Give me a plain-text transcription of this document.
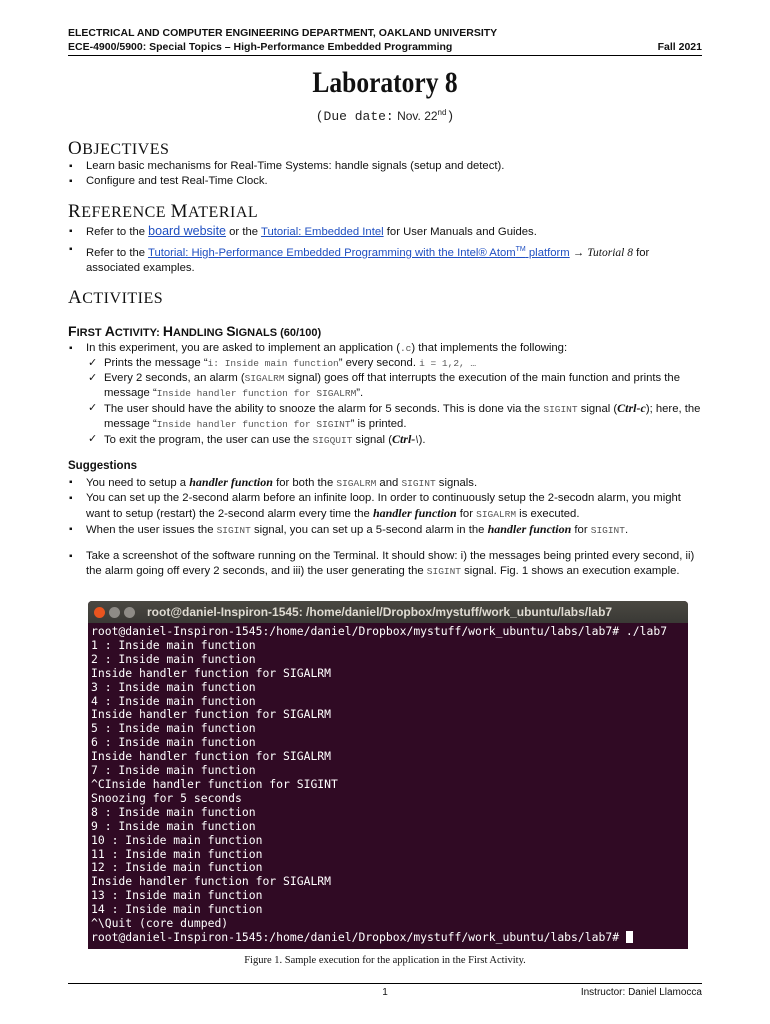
ELECTRICAL AND COMPUTER ENGINEERING DEPARTMENT, OAKLAND UNIVERSITY
ECE-4900/5900: Special Topics – High-Performance Embedded Programming	Fall 2021
Laboratory 8
(Due date: Nov. 22nd)
OBJECTIVES
▪ Learn basic mechanisms for Real-Time Systems: handle signals (setup and detect).
▪ Configure and test Real-Time Clock.
REFERENCE MATERIAL
▪ Refer to the board website or the Tutorial: Embedded Intel for User Manuals and Guides.
▪ Refer to the Tutorial: High-Performance Embedded Programming with the Intel® Atom™ platform → Tutorial 8 for associated examples.
ACTIVITIES
FIRST ACTIVITY: HANDLING SIGNALS (60/100)
▪ In this experiment, you are asked to implement an application (.c) that implements the following:
✓ Prints the message “i: Inside main function” every second. i = 1,2, …
✓ Every 2 seconds, an alarm (SIGALRM signal) goes off that interrupts the execution of the main function and prints the message “Inside handler function for SIGALRM”.
✓ The user should have the ability to snooze the alarm for 5 seconds. This is done via the SIGINT signal (Ctrl-c); here, the message “Inside handler function for SIGINT” is printed.
✓ To exit the program, the user can use the SIGQUIT signal (Ctrl-\).
Suggestions
▪ You need to setup a handler function for both the SIGALRM and SIGINT signals.
▪ You can set up the 2-second alarm before an infinite loop. In order to continuously setup the 2-secodn alarm, you might want to setup (restart) the 2-second alarm every time the handler function for SIGALRM is executed.
▪ When the user issues the SIGINT signal, you can set up a 5-second alarm in the handler function for SIGINT.
▪ Take a screenshot of the software running on the Terminal. It should show: i) the messages being printed every second, ii) the alarm going off every 2 seconds, and iii) the user generating the SIGINT signal. Fig. 1 shows an execution example.
root@daniel-Inspiron-1545: /home/daniel/Dropbox/mystuff/work_ubuntu/labs/lab7
root@daniel-Inspiron-1545:/home/daniel/Dropbox/mystuff/work_ubuntu/labs/lab7# ./lab7
1 : Inside main function
2 : Inside main function
Inside handler function for SIGALRM
3 : Inside main function
4 : Inside main function
Inside handler function for SIGALRM
5 : Inside main function
6 : Inside main function
Inside handler function for SIGALRM
7 : Inside main function
^CInside handler function for SIGINT
Snoozing for 5 seconds
8 : Inside main function
9 : Inside main function
10 : Inside main function
11 : Inside main function
12 : Inside main function
Inside handler function for SIGALRM
13 : Inside main function
14 : Inside main function
^\Quit (core dumped)
root@daniel-Inspiron-1545:/home/daniel/Dropbox/mystuff/work_ubuntu/labs/lab7#
Figure 1. Sample execution for the application in the First Activity.
1	Instructor: Daniel Llamocca
